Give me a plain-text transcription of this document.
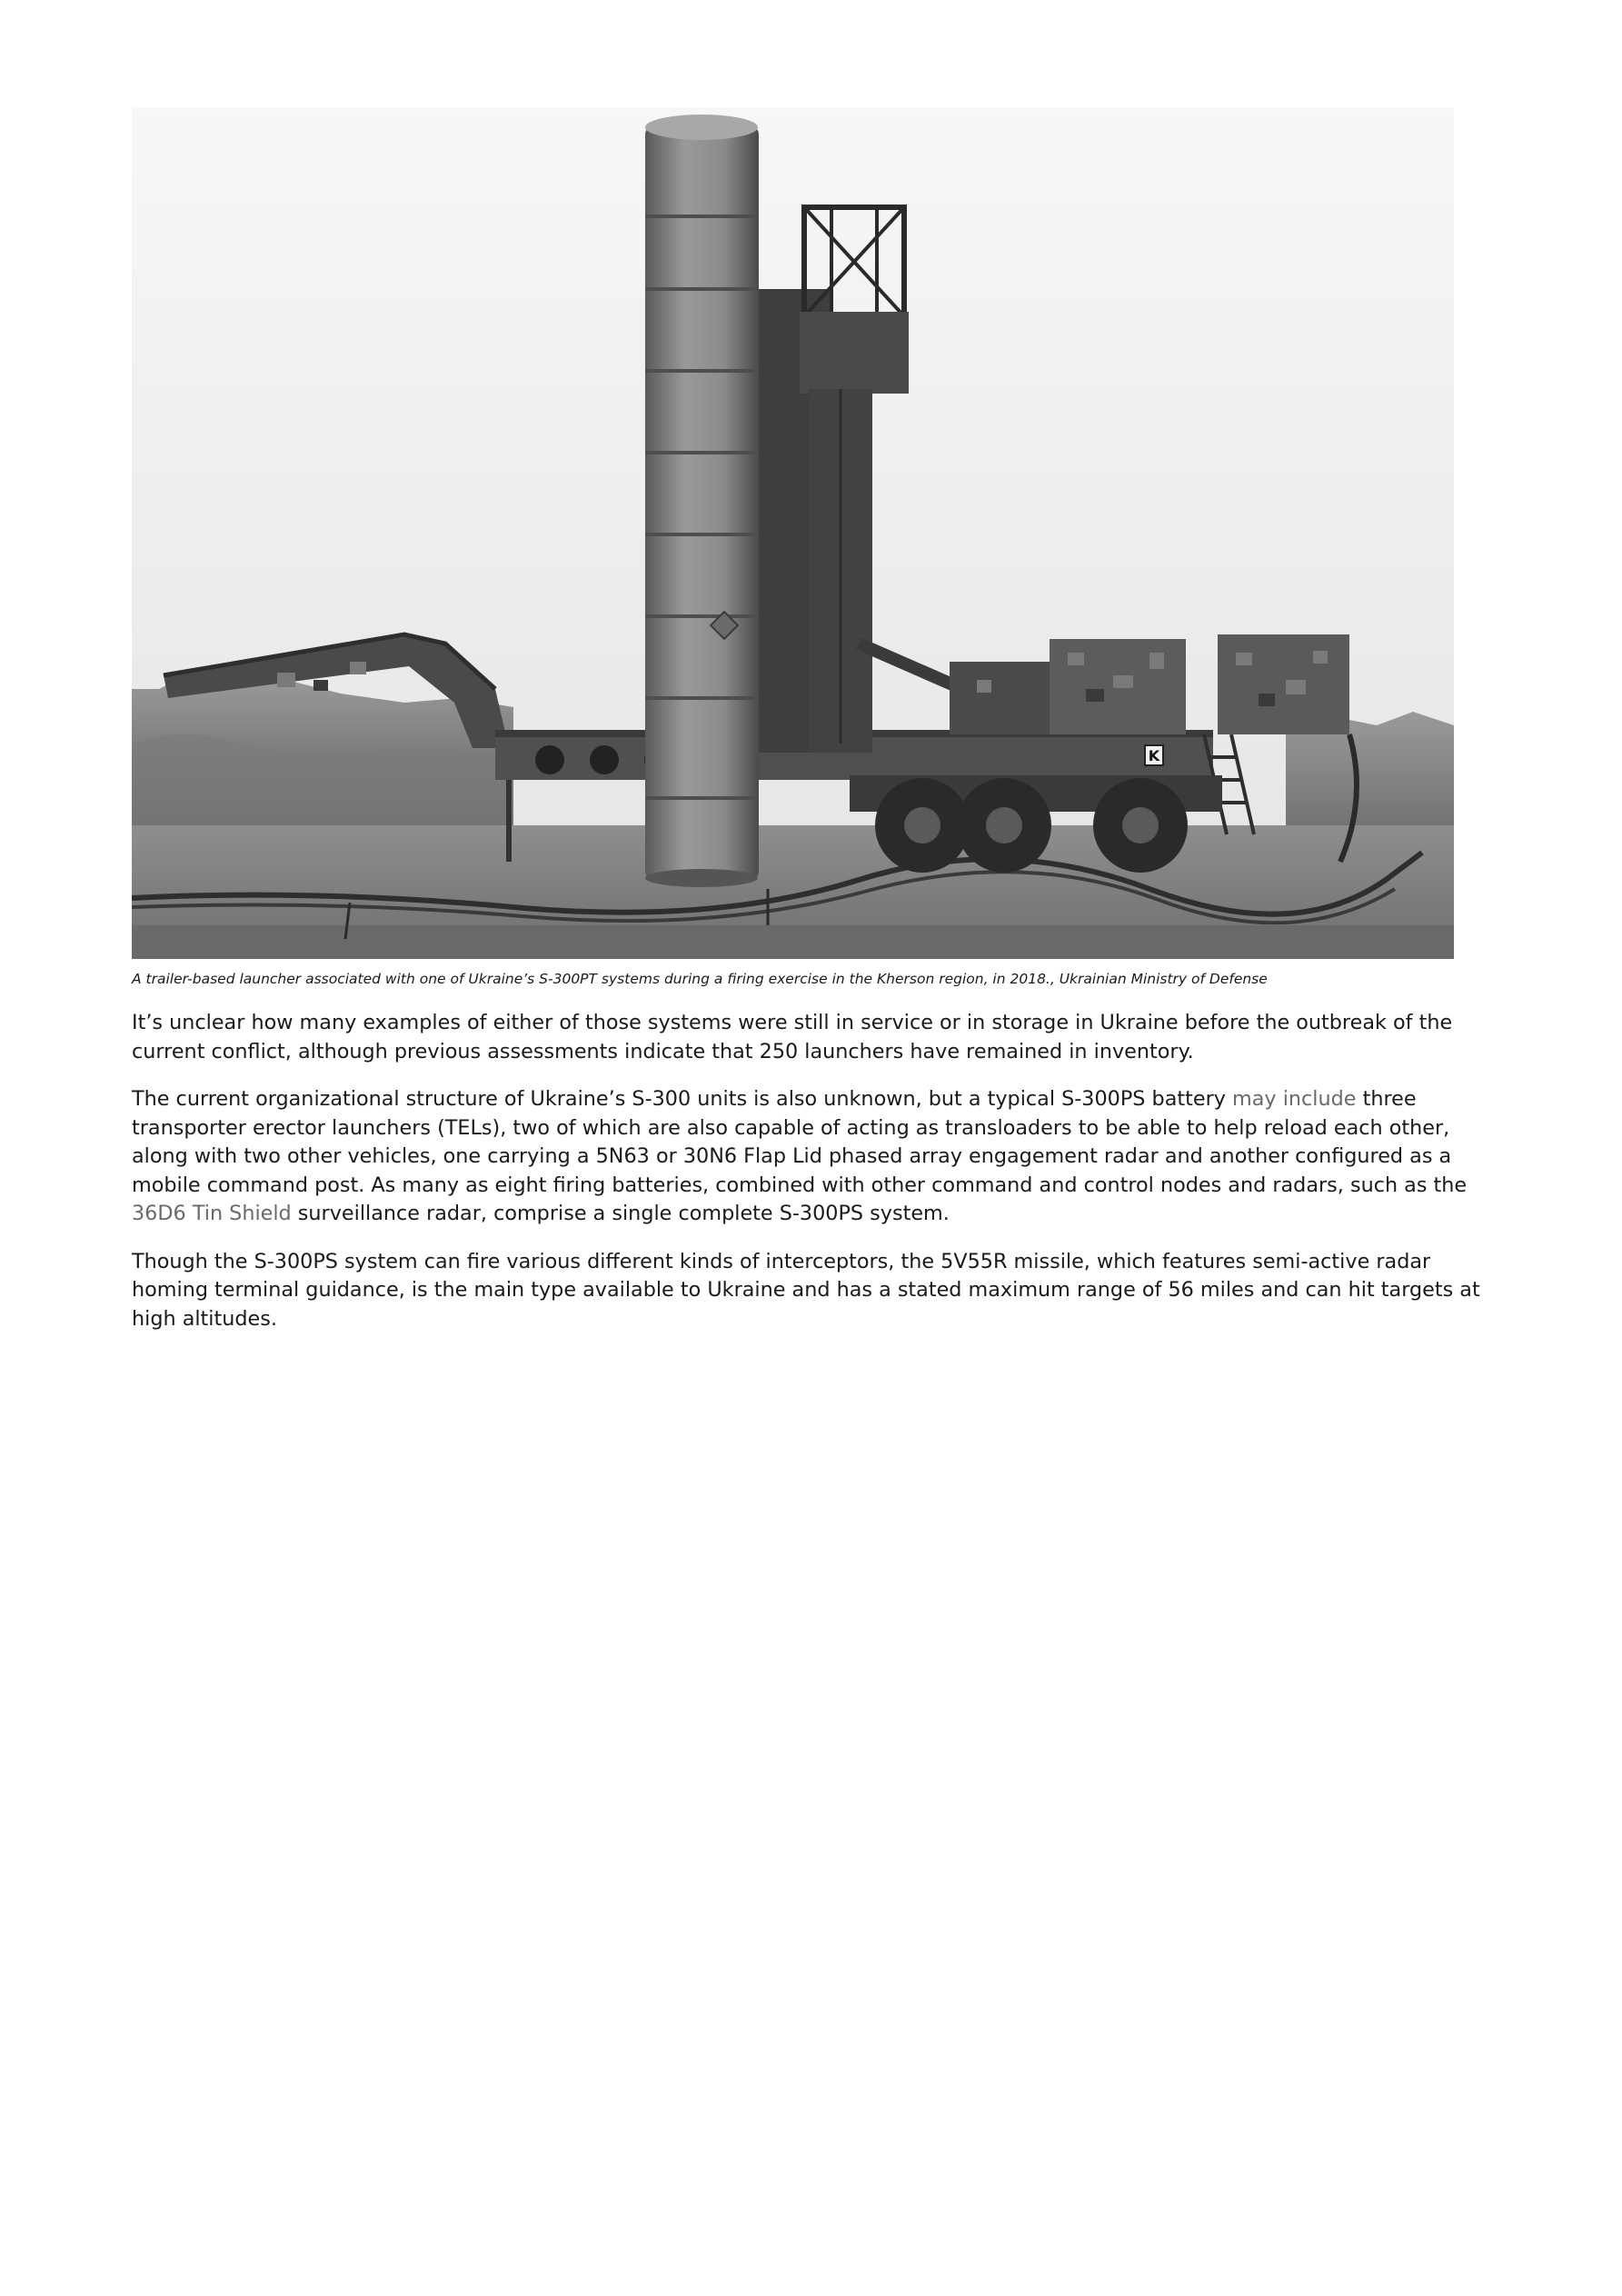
K
A trailer-based launcher associated with one of Ukraine’s S-300PT systems during a firing exercise in the Kherson region, in 2018., Ukrainian Ministry of Defense

It’s unclear how many examples of either of those systems were still in service or in storage in Ukraine before the outbreak of the current conflict, although previous assessments indicate that 250 launchers have remained in inventory.

The current organizational structure of Ukraine’s S-300 units is also unknown, but a typical S-300PS battery may include three transporter erector launchers (TELs), two of which are also capable of acting as transloaders to be able to help reload each other, along with two other vehicles, one carrying a 5N63 or 30N6 Flap Lid phased array engagement radar and another configured as a mobile command post. As many as eight firing batteries, combined with other command and control nodes and radars, such as the 36D6 Tin Shield surveillance radar, comprise a single complete S-300PS system.

Though the S-300PS system can fire various different kinds of interceptors, the 5V55R missile, which features semi-active radar homing terminal guidance, is the main type available to Ukraine and has a stated maximum range of 56 miles and can hit targets at high altitudes.
